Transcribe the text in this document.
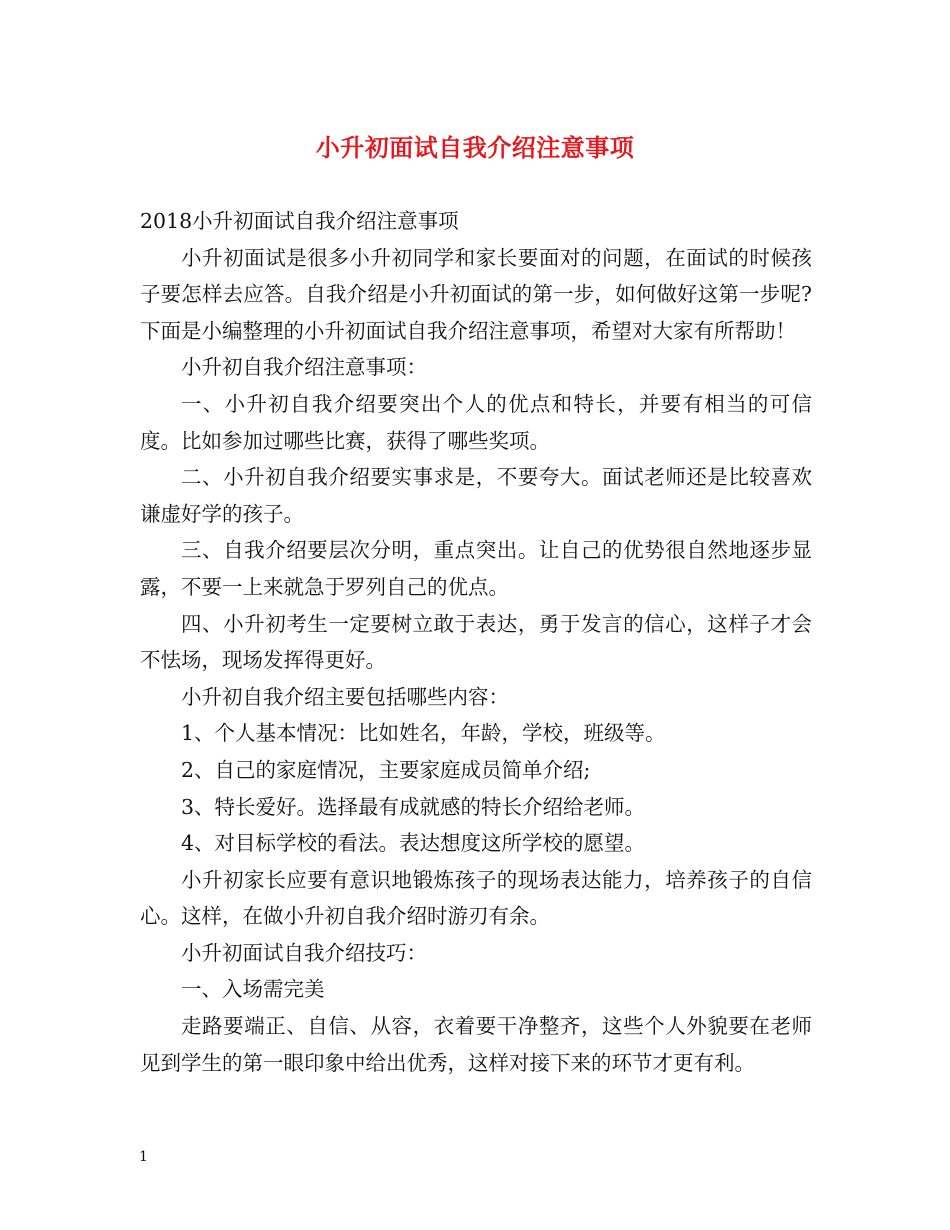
小升初面试自我介绍注意事项

2018小升初面试自我介绍注意事项

小升初面试是很多小升初同学和家长要面对的问题，在面试的时候孩子要怎样去应答。自我介绍是小升初面试的第一步，如何做好这第一步呢?下面是小编整理的小升初面试自我介绍注意事项，希望对大家有所帮助！

小升初自我介绍注意事项：

一、小升初自我介绍要突出个人的优点和特长，并要有相当的可信度。比如参加过哪些比赛，获得了哪些奖项。

二、小升初自我介绍要实事求是，不要夸大。面试老师还是比较喜欢谦虚好学的孩子。

三、自我介绍要层次分明，重点突出。让自己的优势很自然地逐步显露，不要一上来就急于罗列自己的优点。

四、小升初考生一定要树立敢于表达，勇于发言的信心，这样子才会不怯场，现场发挥得更好。

小升初自我介绍主要包括哪些内容：

1、个人基本情况：比如姓名，年龄，学校，班级等。

2、自己的家庭情况，主要家庭成员简单介绍;

3、特长爱好。选择最有成就感的特长介绍给老师。

4、对目标学校的看法。表达想度这所学校的愿望。

小升初家长应要有意识地锻炼孩子的现场表达能力，培养孩子的自信心。这样，在做小升初自我介绍时游刃有余。

小升初面试自我介绍技巧：

一、入场需完美

走路要端正、自信、从容，衣着要干净整齐，这些个人外貌要在老师见到学生的第一眼印象中给出优秀，这样对接下来的环节才更有利。

1
